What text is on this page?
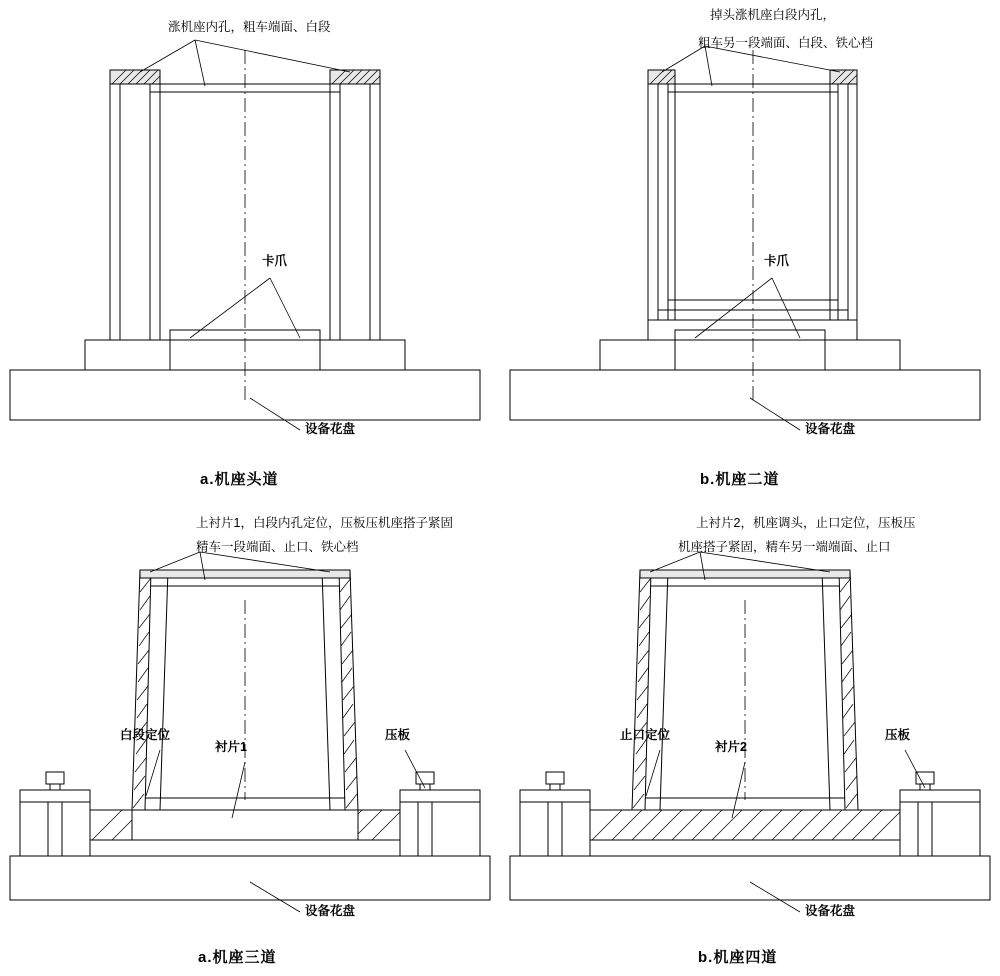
涨机座内孔，粗车端面、白段
卡爪
设备花盘
a.机座头道
掉头涨机座白段内孔，
粗车另一段端面、白段、铁心档
卡爪
设备花盘
b.机座二道
上衬片1，白段内孔定位，压板压机座搭子紧固
精车一段端面、止口、铁心档
白段定位
衬片1
压板
设备花盘
a.机座三道
上衬片2，机座调头，止口定位，压板压
机座搭子紧固，精车另一端端面、止口
止口定位
衬片2
压板
设备花盘
b.机座四道
